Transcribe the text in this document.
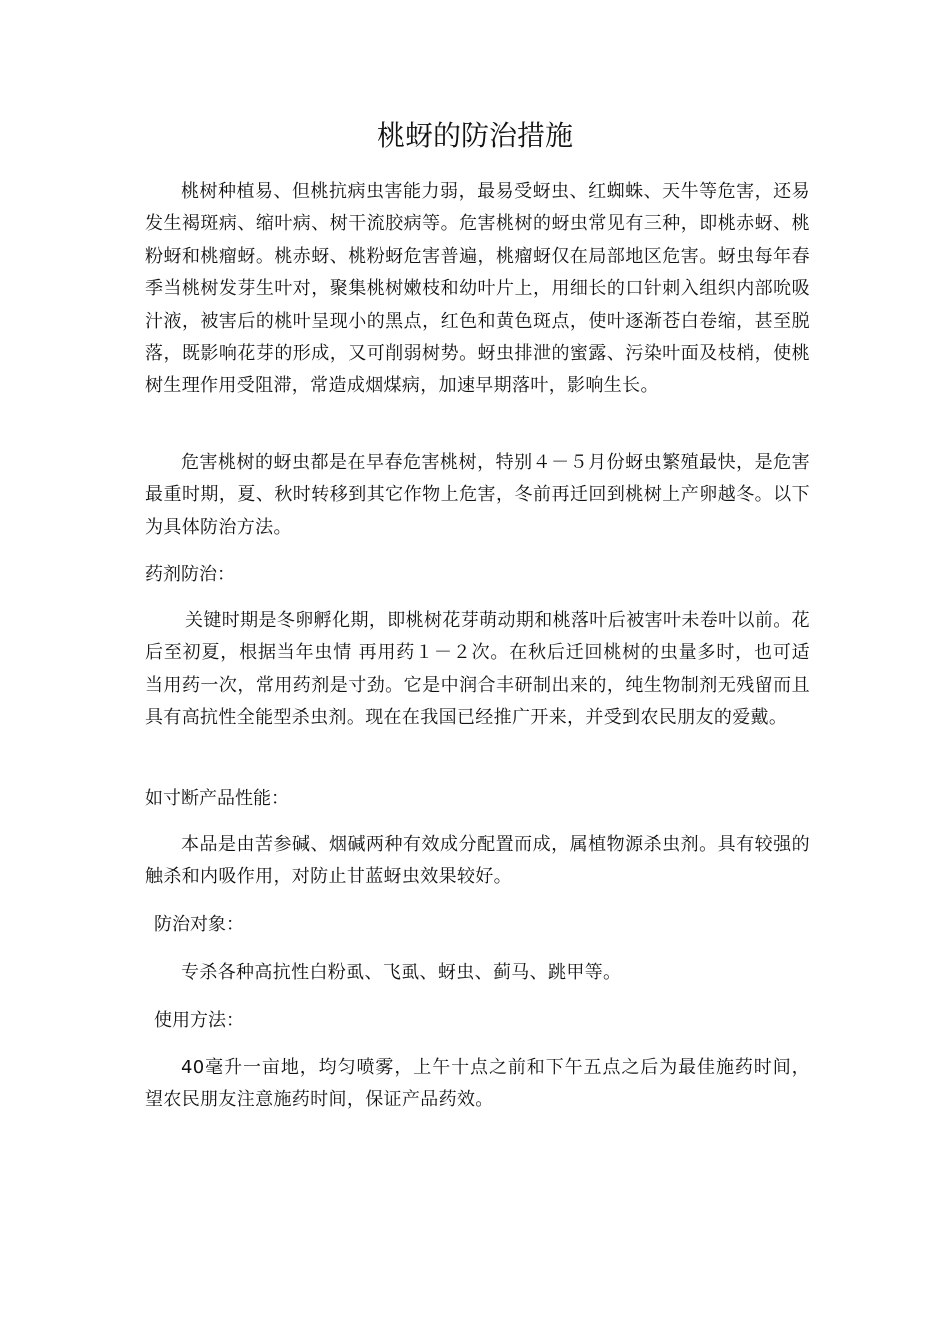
桃蚜的防治措施

桃树种植易、但桃抗病虫害能力弱，最易受蚜虫、红蜘蛛、天牛等危害，还易发生褐斑病、缩叶病、树干流胶病等。危害桃树的蚜虫常见有三种，即桃赤蚜、桃粉蚜和桃瘤蚜。桃赤蚜、桃粉蚜危害普遍，桃瘤蚜仅在局部地区危害。蚜虫每年春季当桃树发芽生叶对，聚集桃树嫩枝和幼叶片上，用细长的口针刺入组织内部吮吸汁液，被害后的桃叶呈现小的黑点，红色和黄色斑点，使叶逐渐苍白卷缩，甚至脱落，既影响花芽的形成，又可削弱树势。蚜虫排泄的蜜露、污染叶面及枝梢，使桃树生理作用受阻滞，常造成烟煤病，加速早期落叶，影响生长。

危害桃树的蚜虫都是在早春危害桃树，特别４－５月份蚜虫繁殖最快，是危害最重时期，夏、秋时转移到其它作物上危害，冬前再迁回到桃树上产卵越冬。以下为具体防治方法。

药剂防治：

关键时期是冬卵孵化期，即桃树花芽萌动期和桃落叶后被害叶未卷叶以前。花后至初夏，根据当年虫情 再用药１－２次。在秋后迁回桃树的虫量多时，也可适当用药一次，常用药剂是寸劲。它是中润合丰研制出来的，纯生物制剂无残留而且具有高抗性全能型杀虫剂。现在在我国已经推广开来，并受到农民朋友的爱戴。

如寸断产品性能：

本品是由苦参碱、烟碱两种有效成分配置而成，属植物源杀虫剂。具有较强的触杀和内吸作用，对防止甘蓝蚜虫效果较好。

防治对象：

专杀各种高抗性白粉虱、飞虱、蚜虫、蓟马、跳甲等。

使用方法：

40毫升一亩地，均匀喷雾，上午十点之前和下午五点之后为最佳施药时间，望农民朋友注意施药时间，保证产品药效。
